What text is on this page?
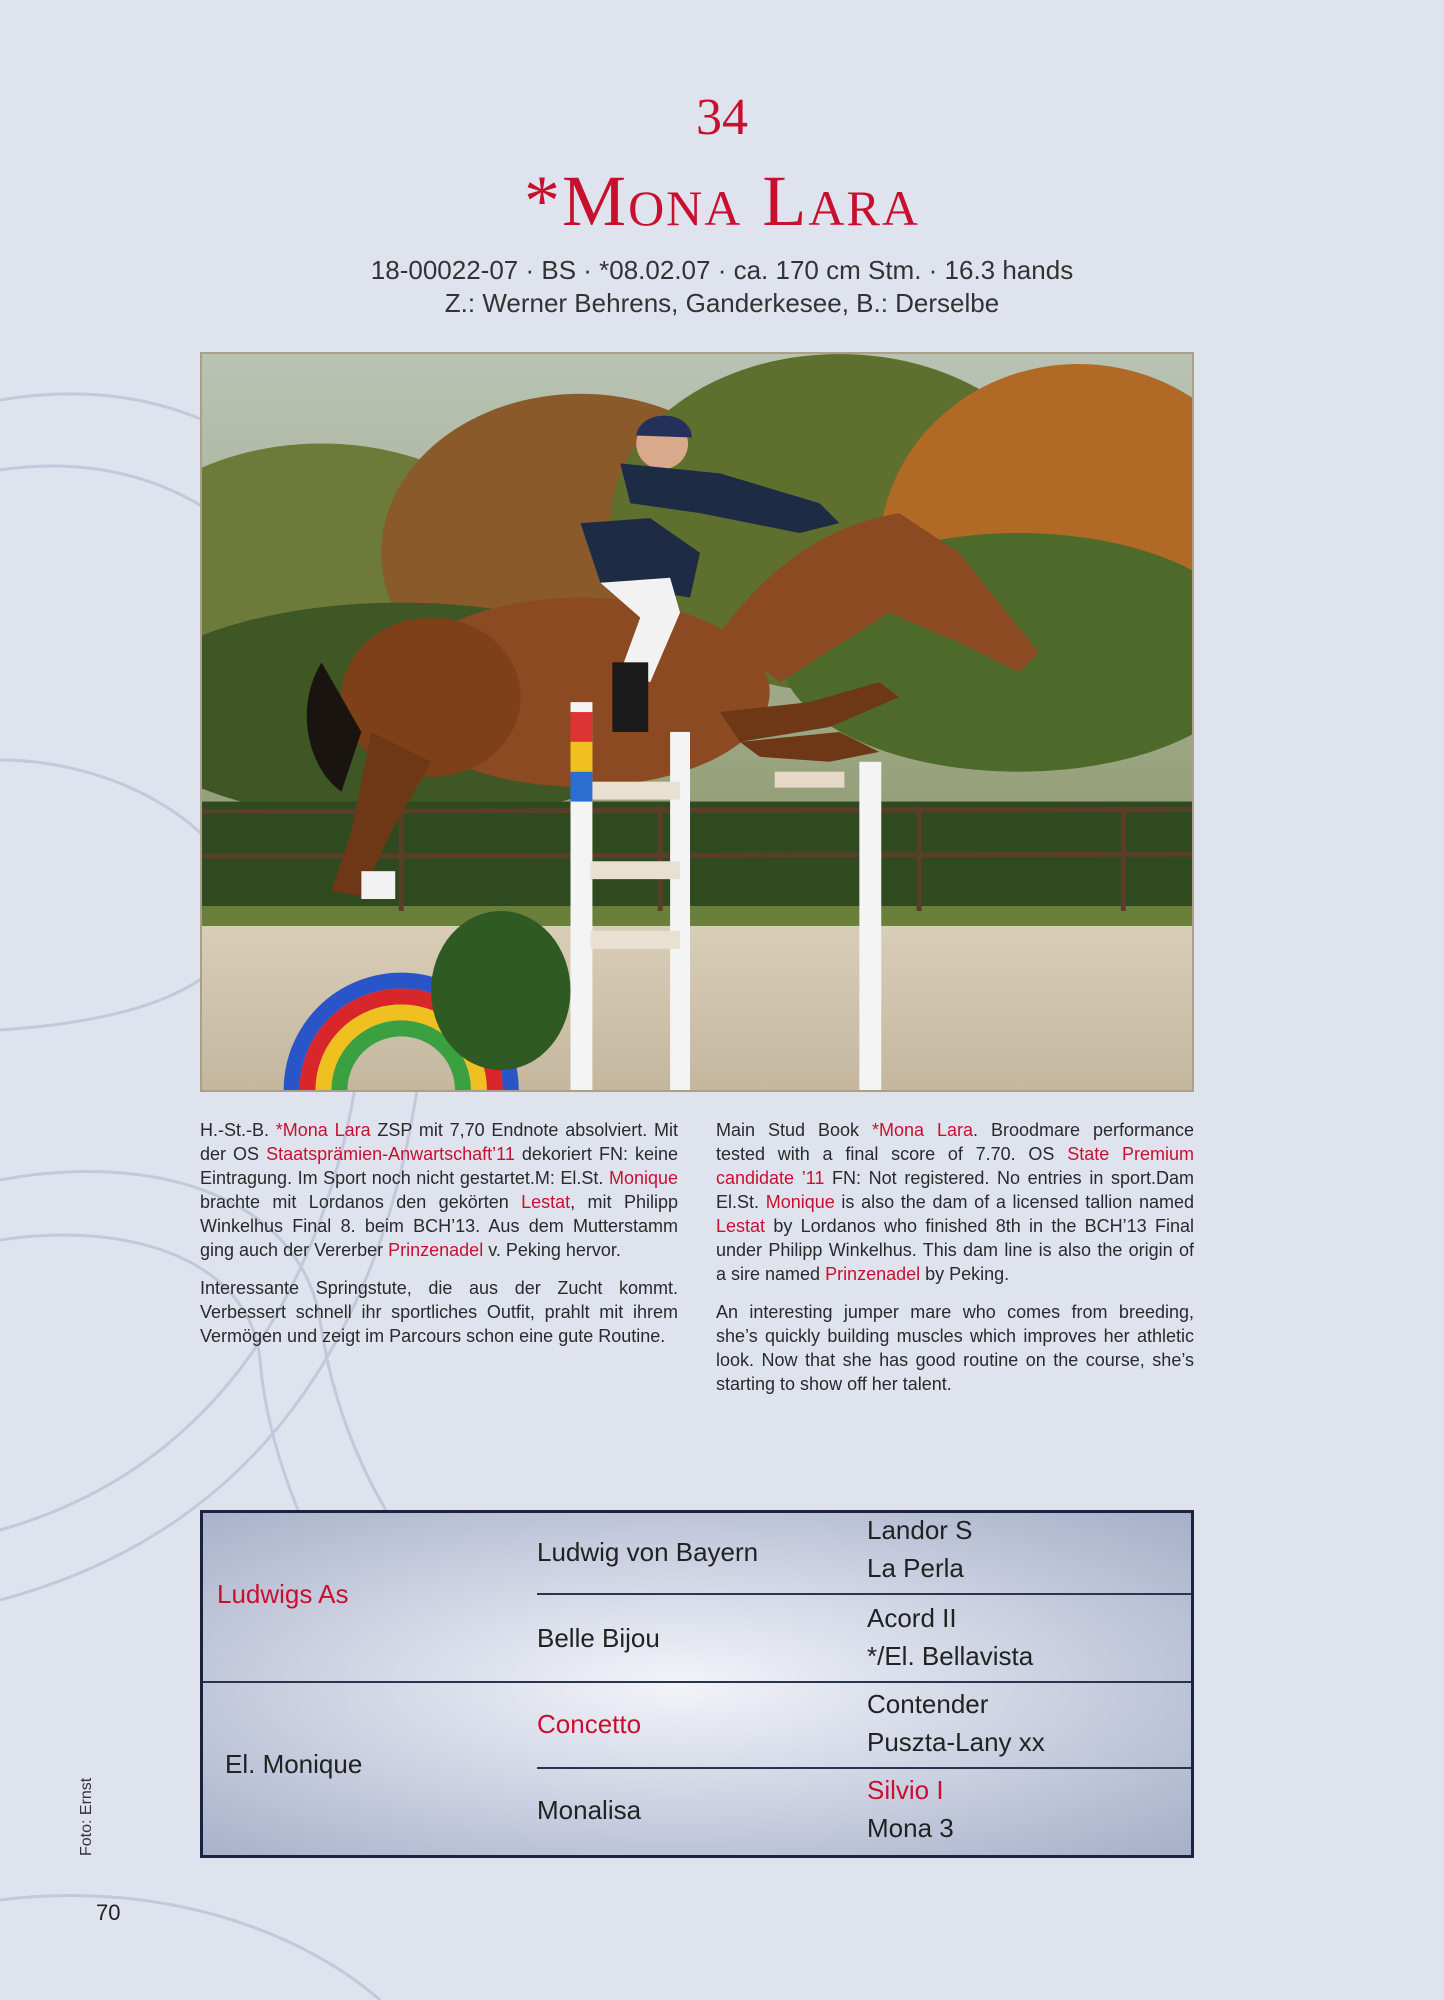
34
*Mona Lara
18-00022-07 · BS · *08.02.07 · ca. 170 cm Stm. · 16.3 hands
Z.: Werner Behrens, Ganderkesee, B.: Derselbe

H.-St.-B. *Mona Lara ZSP mit 7,70 Endnote absolviert. Mit der OS Staatsprämien-Anwartschaft’11 dekoriert FN: keine Eintragung. Im Sport noch nicht gestartet.M: El.St. Monique brachte mit Lordanos den gekörten Lestat, mit Philipp Winkelhus Final 8. beim BCH’13. Aus dem Mutterstamm ging auch der Vererber Prinzenadel v. Peking hervor.

Interessante Springstute, die aus der Zucht kommt. Verbessert schnell ihr sportliches Outfit, prahlt mit ihrem Vermögen und zeigt im Parcours schon eine gute Routine.

Main Stud Book *Mona Lara. Broodmare performance tested with a final score of 7.70. OS State Premium candidate ’11 FN: Not registered. No entries in sport.Dam El.St. Monique is also the dam of a licensed tallion named Lestat by Lordanos who finished 8th in the BCH’13 Final under Philipp Winkelhus. This dam line is also the origin of a sire named Prinzenadel by Peking.

An interesting jumper mare who comes from breeding, she’s quickly building muscles which improves her athletic look. Now that she has good routine on the course, she’s starting to show off her talent.

Ludwigs As
El. Monique
Ludwig von Bayern
Belle Bijou
Concetto
Monalisa
Landor S
La Perla
Acord II
*/El. Bellavista
Contender
Puszta-Lany xx
Silvio I
Mona 3
Foto: Ernst
70
